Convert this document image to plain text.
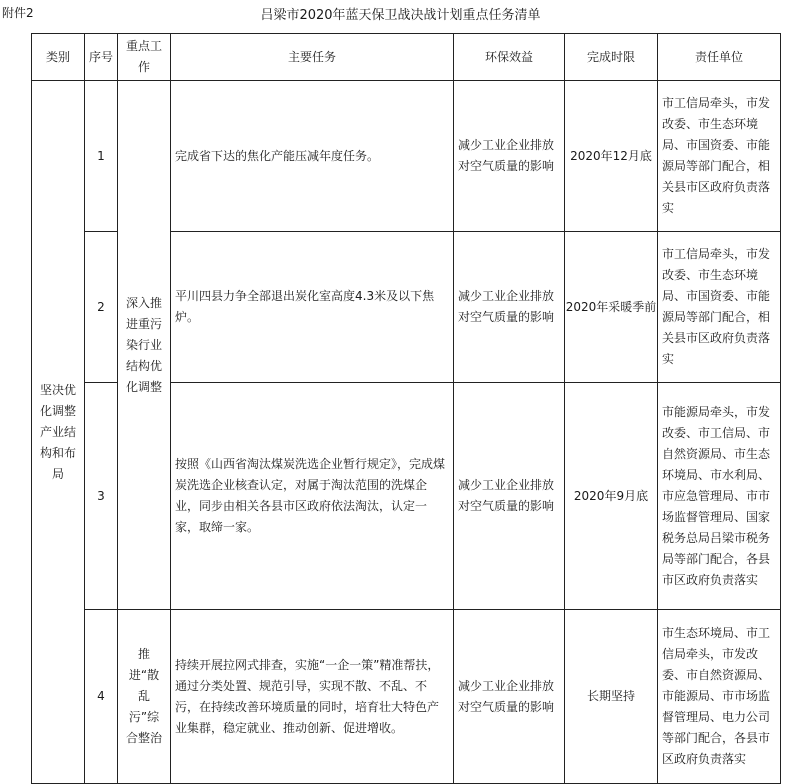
附件2	吕梁市2020年蓝天保卫战决战计划重点任务清单
类别	序号	重点工作	主要任务	环保效益	完成时限	责任单位
坚决优化调整产业结构和布局	1	深入推进重污染行业结构优化调整	完成省下达的焦化产能压减年度任务。	减少工业企业排放对空气质量的影响	2020年12月底	市工信局牵头，市发改委、市生态环境局、市国资委、市能源局等部门配合，相关县市区政府负责落实
	2		平川四县力争全部退出炭化室高度4.3米及以下焦炉。	减少工业企业排放对空气质量的影响	2020年采暖季前	市工信局牵头，市发改委、市生态环境局、市国资委、市能源局等部门配合，相关县市区政府负责落实
	3		按照《山西省淘汰煤炭洗选企业暂行规定》，完成煤炭洗选企业核查认定，对属于淘汰范围的洗煤企业，同步由相关各县市区政府依法淘汰，认定一家，取缔一家。	减少工业企业排放对空气质量的影响	2020年9月底	市能源局牵头，市发改委、市工信局、市自然资源局、市生态环境局、市水利局、市应急管理局、市市场监督管理局、国家税务总局吕梁市税务局等部门配合，各县市区政府负责落实
	4	推进“散乱污”综合整治	持续开展拉网式排查，实施“一企一策”精准帮扶，通过分类处置、规范引导，实现不散、不乱、不污，在持续改善环境质量的同时，培育壮大特色产业集群，稳定就业、推动创新、促进增收。	减少工业企业排放对空气质量的影响	长期坚持	市生态环境局、市工信局牵头，市发改委、市自然资源局、市能源局、市市场监督管理局、电力公司等部门配合，各县市区政府负责落实
